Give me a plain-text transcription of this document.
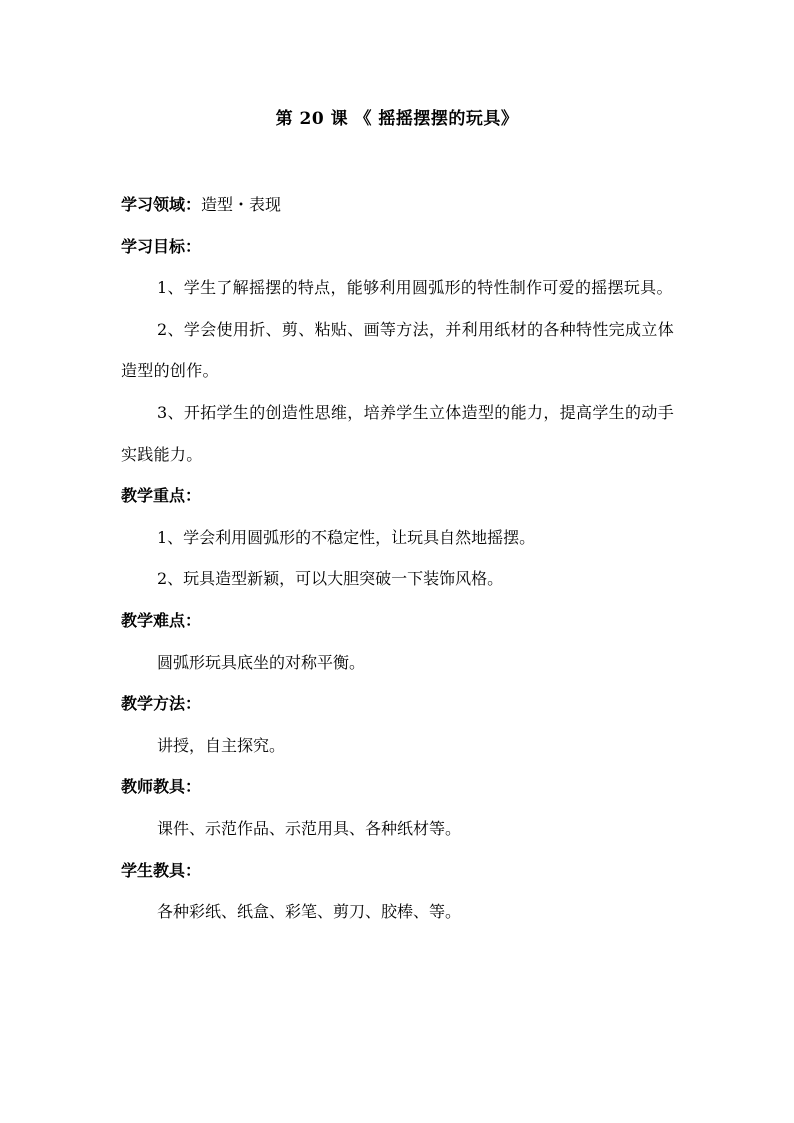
第 20 课 《 摇摇摆摆的玩具》

学习领域：造型・表现

学习目标：

1、学生了解摇摆的特点，能够利用圆弧形的特性制作可爱的摇摆玩具。

2、学会使用折、剪、粘贴、画等方法，并利用纸材的各种特性完成立体造型的创作。

3、开拓学生的创造性思维，培养学生立体造型的能力，提高学生的动手实践能力。

教学重点：

1、学会利用圆弧形的不稳定性，让玩具自然地摇摆。

2、玩具造型新颖，可以大胆突破一下装饰风格。

教学难点：

圆弧形玩具底坐的对称平衡。

教学方法：

讲授，自主探究。

教师教具：

课件、示范作品、示范用具、各种纸材等。

学生教具：

各种彩纸、纸盒、彩笔、剪刀、胶棒、等。
